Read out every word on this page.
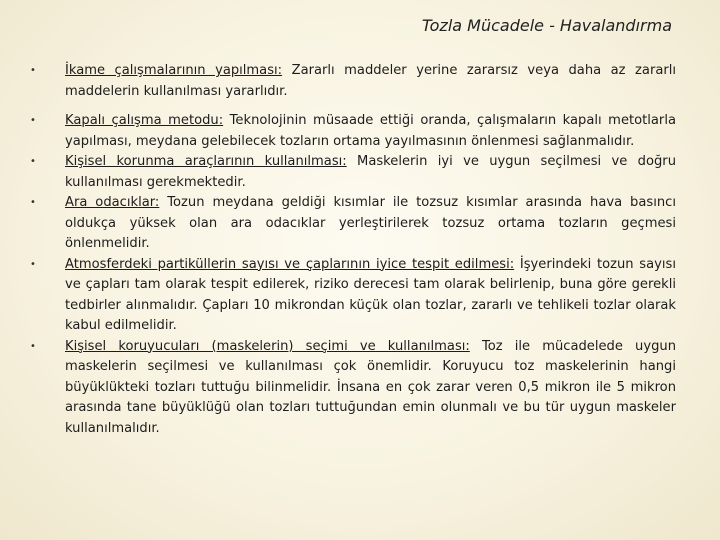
Tozla Mücadele - Havalandırma
•	İkame çalışmalarının yapılması: Zararlı maddeler yerine zararsız veya daha az zararlı maddelerin kullanılması yararlıdır.
•	Kapalı çalışma metodu: Teknolojinin müsaade ettiği oranda, çalışmaların kapalı metotlarla yapılması, meydana gelebilecek tozların ortama yayılmasının önlenmesi sağlanmalıdır.
•	Kişisel korunma araçlarının kullanılması: Maskelerin iyi ve uygun seçilmesi ve doğru kullanılması gerekmektedir.
•	Ara odacıklar: Tozun meydana geldiği kısımlar ile tozsuz kısımlar arasında hava basıncı oldukça yüksek olan ara odacıklar yerleştirilerek tozsuz ortama tozların geçmesi önlenmelidir.
•	Atmosferdeki partiküllerin sayısı ve çaplarının iyice tespit edilmesi: İşyerindeki tozun sayısı ve çapları tam olarak tespit edilerek, riziko derecesi tam olarak belirlenip, buna göre gerekli tedbirler alınmalıdır. Çapları 10 mikrondan küçük olan tozlar, zararlı ve tehlikeli tozlar olarak kabul edilmelidir.
•	Kişisel koruyucuları (maskelerin) seçimi ve kullanılması: Toz ile mücadelede uygun maskelerin seçilmesi ve kullanılması çok önemlidir. Koruyucu toz maskelerinin hangi büyüklükteki tozları tuttuğu bilinmelidir. İnsana en çok zarar veren 0,5 mikron ile 5 mikron arasında tane büyüklüğü olan tozları tuttuğundan emin olunmalı ve bu tür uygun maskeler kullanılmalıdır.
